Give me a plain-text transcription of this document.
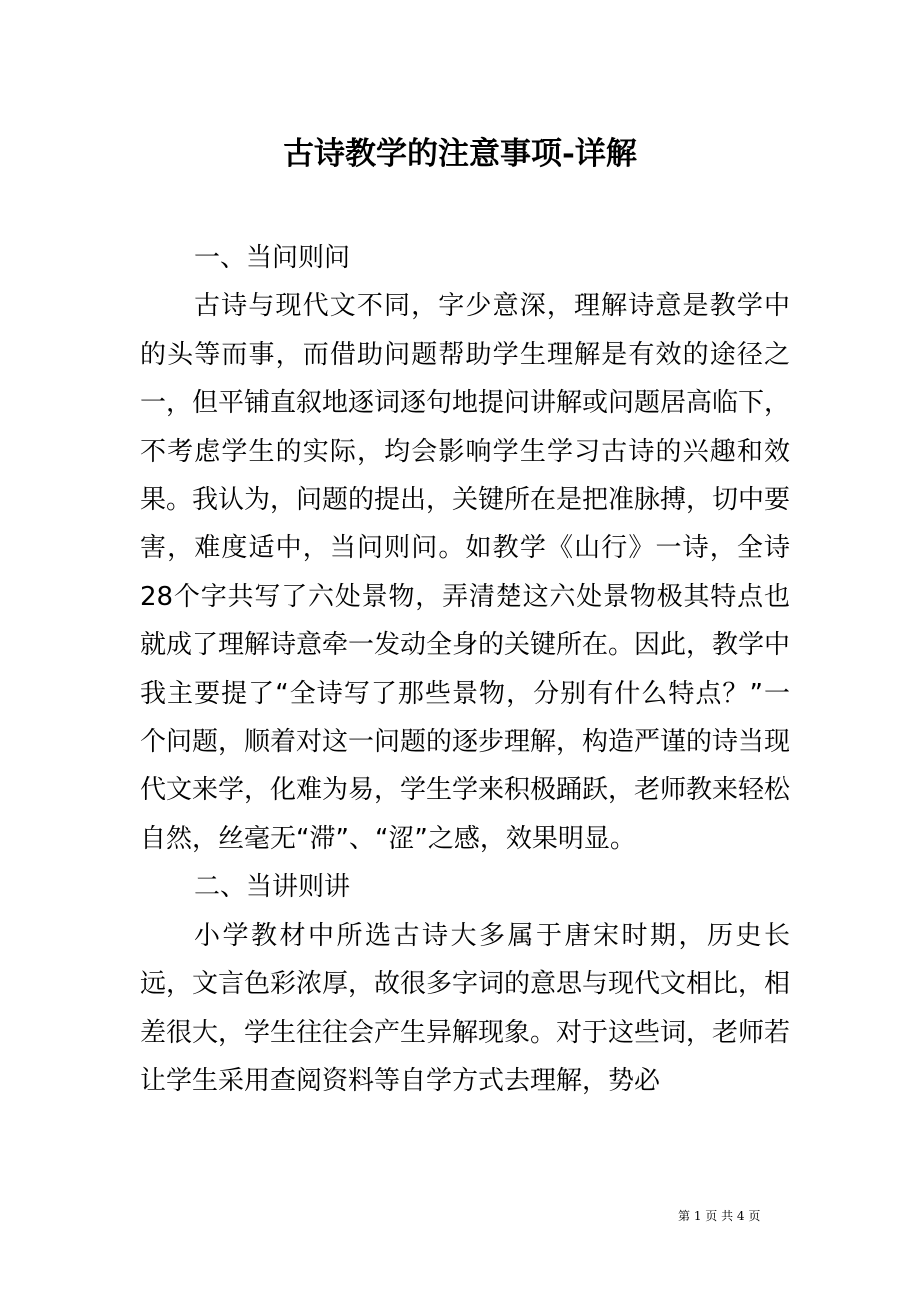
古诗教学的注意事项-详解

一、当问则问

古诗与现代文不同，字少意深，理解诗意是教学中的头等而事，而借助问题帮助学生理解是有效的途径之一，但平铺直叙地逐词逐句地提问讲解或问题居高临下，不考虑学生的实际，均会影响学生学习古诗的兴趣和效果。我认为，问题的提出，关键所在是把准脉搏，切中要害，难度适中，当问则问。如教学《山行》一诗，全诗28个字共写了六处景物，弄清楚这六处景物极其特点也就成了理解诗意牵一发动全身的关键所在。因此，教学中我主要提了“全诗写了那些景物，分别有什么特点？”一个问题，顺着对这一问题的逐步理解，构造严谨的诗当现代文来学，化难为易，学生学来积极踊跃，老师教来轻松自然，丝毫无“滞”、“涩”之感，效果明显。

二、当讲则讲

小学教材中所选古诗大多属于唐宋时期，历史长远，文言色彩浓厚，故很多字词的意思与现代文相比，相差很大，学生往往会产生异解现象。对于这些词，老师若让学生采用查阅资料等自学方式去理解，势必

第 1 页 共 4 页
